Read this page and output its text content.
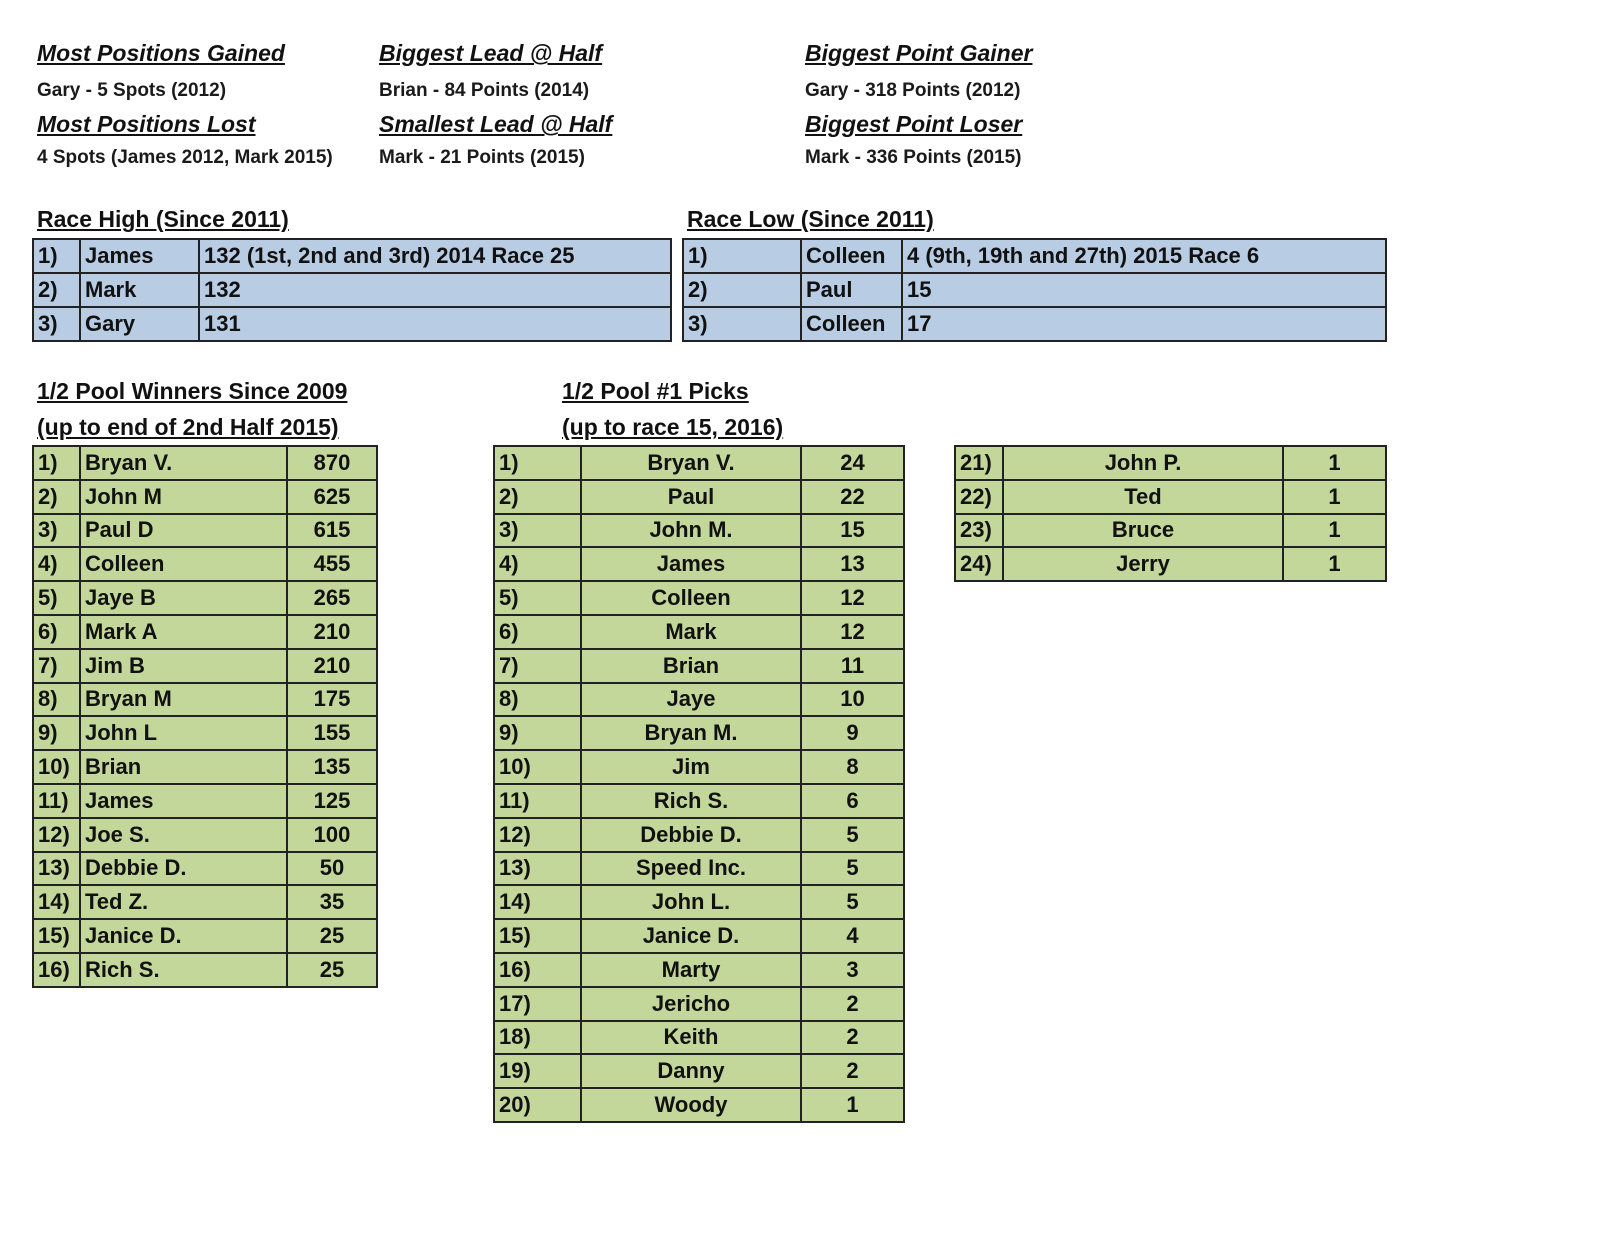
Most Positions Gained
Gary - 5 Spots (2012)
Most Positions Lost
4 Spots (James 2012, Mark 2015)
Biggest Lead @ Half
Brian - 84 Points (2014)
Smallest Lead @ Half
Mark - 21 Points (2015)
Biggest Point Gainer
Gary - 318 Points (2012)
Biggest Point Loser
Mark - 336 Points (2015)
Race High (Since 2011)
1)	James	132 (1st, 2nd and 3rd) 2014 Race 25
2)	Mark	132
3)	Gary	131
Race Low (Since 2011)
1)	Colleen	4 (9th, 19th and 27th) 2015 Race 6
2)	Paul	15
3)	Colleen	17
1/2 Pool Winners Since 2009
(up to end of 2nd Half 2015)
1)	Bryan V.	870
2)	John M	625
3)	Paul D	615
4)	Colleen	455
5)	Jaye B	265
6)	Mark A	210
7)	Jim B	210
8)	Bryan M	175
9)	John L	155
10)	Brian	135
11)	James	125
12)	Joe S.	100
13)	Debbie D.	50
14)	Ted Z.	35
15)	Janice D.	25
16)	Rich S.	25
1/2 Pool #1 Picks
(up to race 15, 2016)
1)	Bryan V.	24
2)	Paul	22
3)	John M.	15
4)	James	13
5)	Colleen	12
6)	Mark	12
7)	Brian	11
8)	Jaye	10
9)	Bryan M.	9
10)	Jim	8
11)	Rich S.	6
12)	Debbie D.	5
13)	Speed Inc.	5
14)	John L.	5
15)	Janice D.	4
16)	Marty	3
17)	Jericho	2
18)	Keith	2
19)	Danny	2
20)	Woody	1
21)	John P.	1
22)	Ted	1
23)	Bruce	1
24)	Jerry	1
